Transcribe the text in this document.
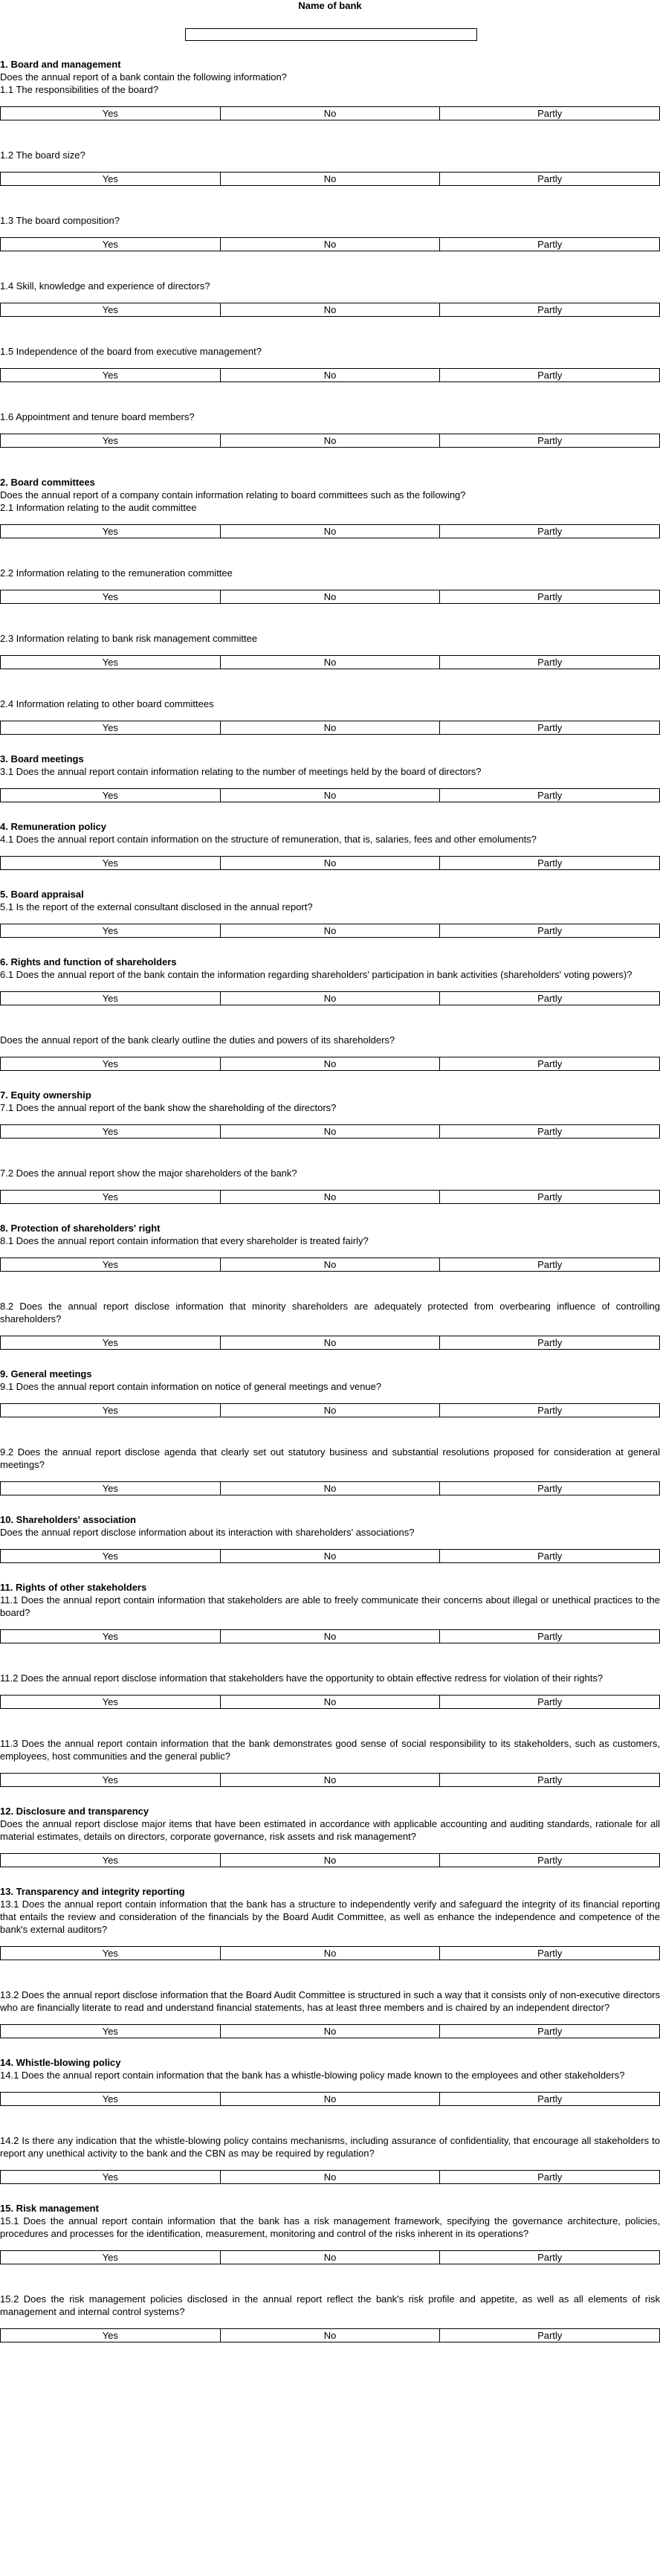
Name of bank

1. Board and management

Does the annual report of a bank contain the following information?

1.1 The responsibilities of the board?

Yes	No	Partly

1.2 The board size?

Yes	No	Partly

1.3 The board composition?

Yes	No	Partly

1.4 Skill, knowledge and experience of directors?

Yes	No	Partly

1.5 Independence of the board from executive management?

Yes	No	Partly

1.6 Appointment and tenure board members?

Yes	No	Partly

2. Board committees

Does the annual report of a company contain information relating to board committees such as the following?

2.1 Information relating to the audit committee

Yes	No	Partly

2.2 Information relating to the remuneration committee

Yes	No	Partly

2.3 Information relating to bank risk management committee

Yes	No	Partly

2.4 Information relating to other board committees

Yes	No	Partly

3. Board meetings

3.1 Does the annual report contain information relating to the number of meetings held by the board of directors?

Yes	No	Partly

4. Remuneration policy

4.1 Does the annual report contain information on the structure of remuneration, that is, salaries, fees and other emoluments?

Yes	No	Partly

5. Board appraisal

5.1 Is the report of the external consultant disclosed in the annual report?

Yes	No	Partly

6. Rights and function of shareholders

6.1 Does the annual report of the bank contain the information regarding shareholders' participation in bank activities (shareholders' voting powers)?

Yes	No	Partly

Does the annual report of the bank clearly outline the duties and powers of its shareholders?

Yes	No	Partly

7. Equity ownership

7.1 Does the annual report of the bank show the shareholding of the directors?

Yes	No	Partly

7.2 Does the annual report show the major shareholders of the bank?

Yes	No	Partly

8. Protection of shareholders' right

8.1 Does the annual report contain information that every shareholder is treated fairly?

Yes	No	Partly

8.2 Does the annual report disclose information that minority shareholders are adequately protected from overbearing influence of controlling shareholders?

Yes	No	Partly

9. General meetings

9.1 Does the annual report contain information on notice of general meetings and venue?

Yes	No	Partly

9.2 Does the annual report disclose agenda that clearly set out statutory business and substantial resolutions proposed for consideration at general meetings?

Yes	No	Partly

10. Shareholders' association

Does the annual report disclose information about its interaction with shareholders' associations?

Yes	No	Partly

11. Rights of other stakeholders

11.1 Does the annual report contain information that stakeholders are able to freely communicate their concerns about illegal or unethical practices to the board?

Yes	No	Partly

11.2 Does the annual report disclose information that stakeholders have the opportunity to obtain effective redress for violation of their rights?

Yes	No	Partly

11.3 Does the annual report contain information that the bank demonstrates good sense of social responsibility to its stakeholders, such as customers, employees, host communities and the general public?

Yes	No	Partly

12. Disclosure and transparency

Does the annual report disclose major items that have been estimated in accordance with applicable accounting and auditing standards, rationale for all material estimates, details on directors, corporate governance, risk assets and risk management?

Yes	No	Partly

13. Transparency and integrity reporting

13.1 Does the annual report contain information that the bank has a structure to independently verify and safeguard the integrity of its financial reporting that entails the review and consideration of the financials by the Board Audit Committee, as well as enhance the independence and competence of the bank's external auditors?

Yes	No	Partly

13.2 Does the annual report disclose information that the Board Audit Committee is structured in such a way that it consists only of non-executive directors who are financially literate to read and understand financial statements, has at least three members and is chaired by an independent director?

Yes	No	Partly

14. Whistle-blowing policy

14.1 Does the annual report contain information that the bank has a whistle-blowing policy made known to the employees and other stakeholders?

Yes	No	Partly

14.2 Is there any indication that the whistle-blowing policy contains mechanisms, including assurance of confidentiality, that encourage all stakeholders to report any unethical activity to the bank and the CBN as may be required by regulation?

Yes	No	Partly

15. Risk management

15.1 Does the annual report contain information that the bank has a risk management framework, specifying the governance architecture, policies, procedures and processes for the identification, measurement, monitoring and control of the risks inherent in its operations?

Yes	No	Partly

15.2 Does the risk management policies disclosed in the annual report reflect the bank's risk profile and appetite, as well as all elements of risk management and internal control systems?

Yes	No	Partly
